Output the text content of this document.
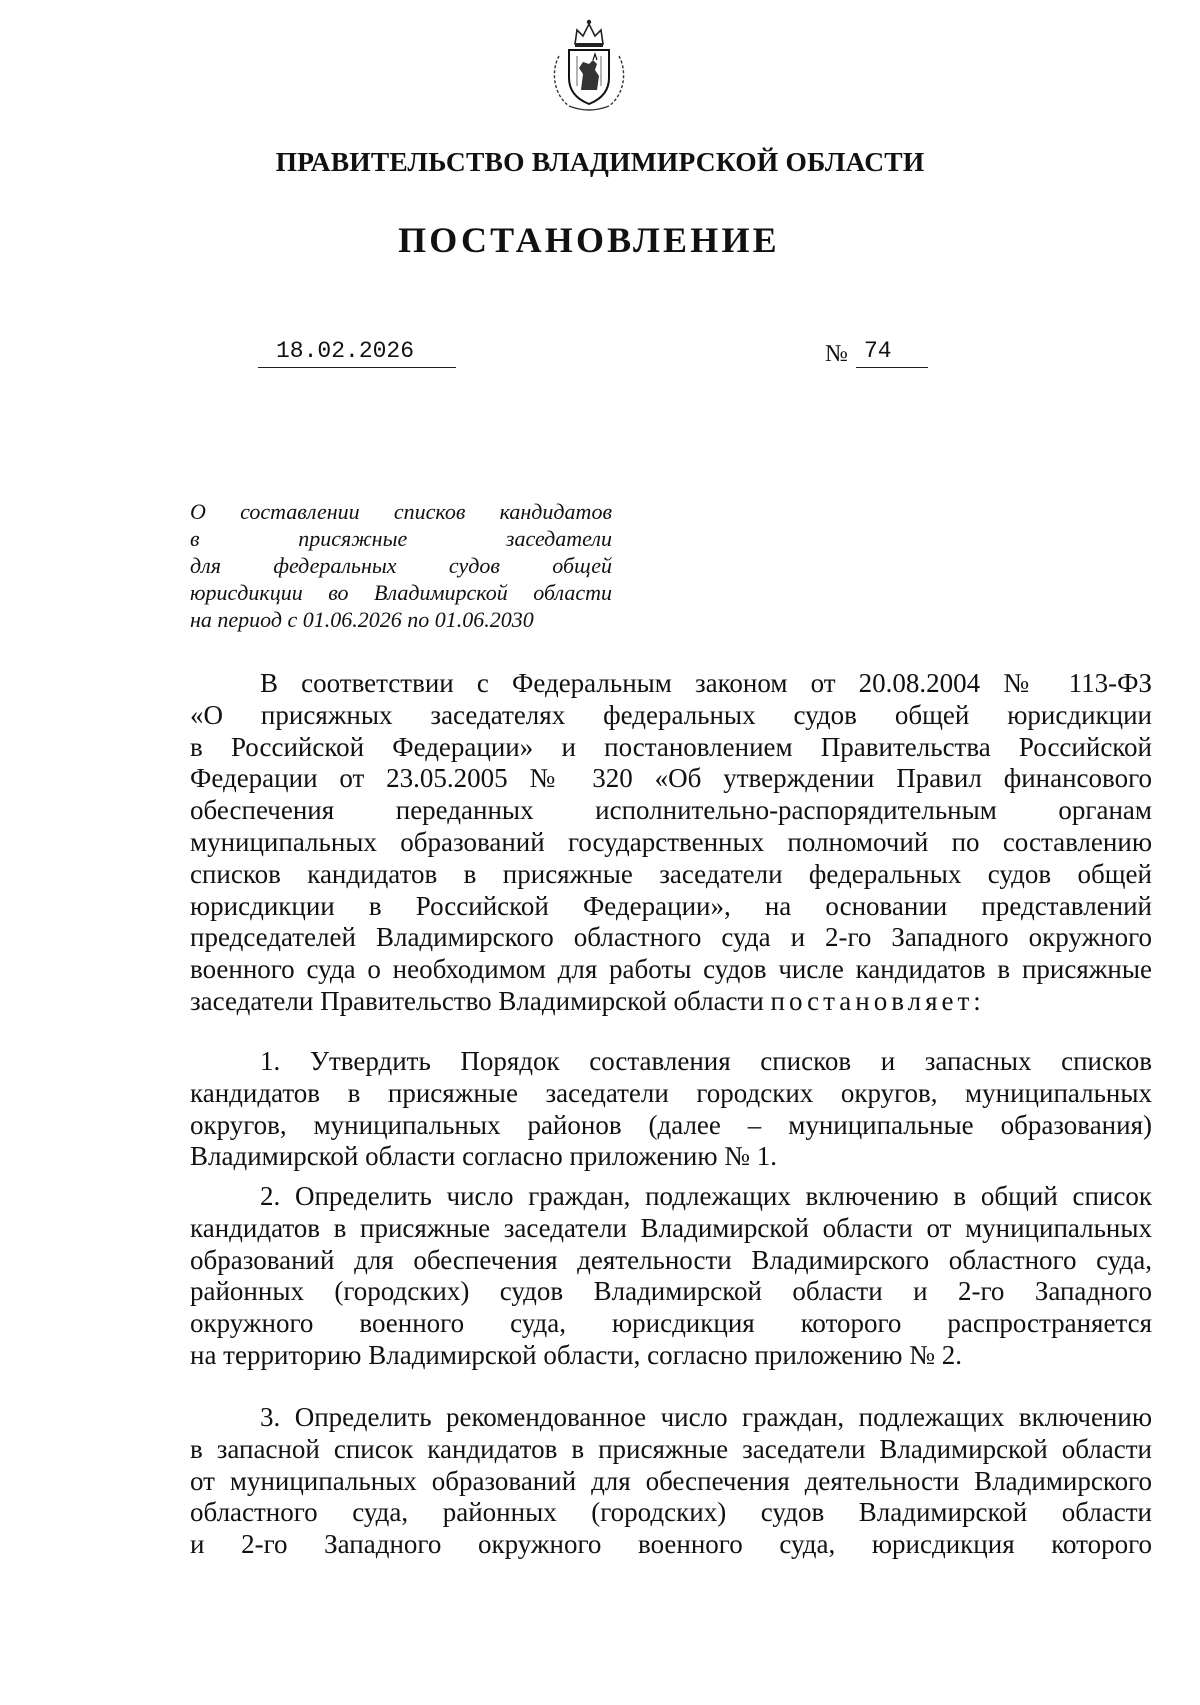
ПРАВИТЕЛЬСТВО ВЛАДИМИРСКОЙ ОБЛАСТИ
ПОСТАНОВЛЕНИЕ
18.02.2026	№ 74
О составлении списков кандидатов
в присяжные заседатели
для федеральных судов общей
юрисдикции во Владимирской области
на период с 01.06.2026 по 01.06.2030
В соответствии с Федеральным законом от 20.08.2004 № 113-ФЗ
«О присяжных заседателях федеральных судов общей юрисдикции
в Российской Федерации» и постановлением Правительства Российской
Федерации от 23.05.2005 № 320 «Об утверждении Правил финансового
обеспечения переданных исполнительно-распорядительным органам
муниципальных образований государственных полномочий по составлению
списков кандидатов в присяжные заседатели федеральных судов общей
юрисдикции в Российской Федерации», на основании представлений
председателей Владимирского областного суда и 2-го Западного окружного
военного суда о необходимом для работы судов числе кандидатов в присяжные
заседатели Правительство Владимирской области постановляет:
1. Утвердить Порядок составления списков и запасных списков
кандидатов в присяжные заседатели городских округов, муниципальных
округов, муниципальных районов (далее – муниципальные образования)
Владимирской области согласно приложению № 1.
2. Определить число граждан, подлежащих включению в общий список
кандидатов в присяжные заседатели Владимирской области от муниципальных
образований для обеспечения деятельности Владимирского областного суда,
районных (городских) судов Владимирской области и 2-го Западного
окружного военного суда, юрисдикция которого распространяется
на территорию Владимирской области, согласно приложению № 2.
3. Определить рекомендованное число граждан, подлежащих включению
в запасной список кандидатов в присяжные заседатели Владимирской области
от муниципальных образований для обеспечения деятельности Владимирского
областного суда, районных (городских) судов Владимирской области
и 2-го Западного окружного военного суда, юрисдикция которого
